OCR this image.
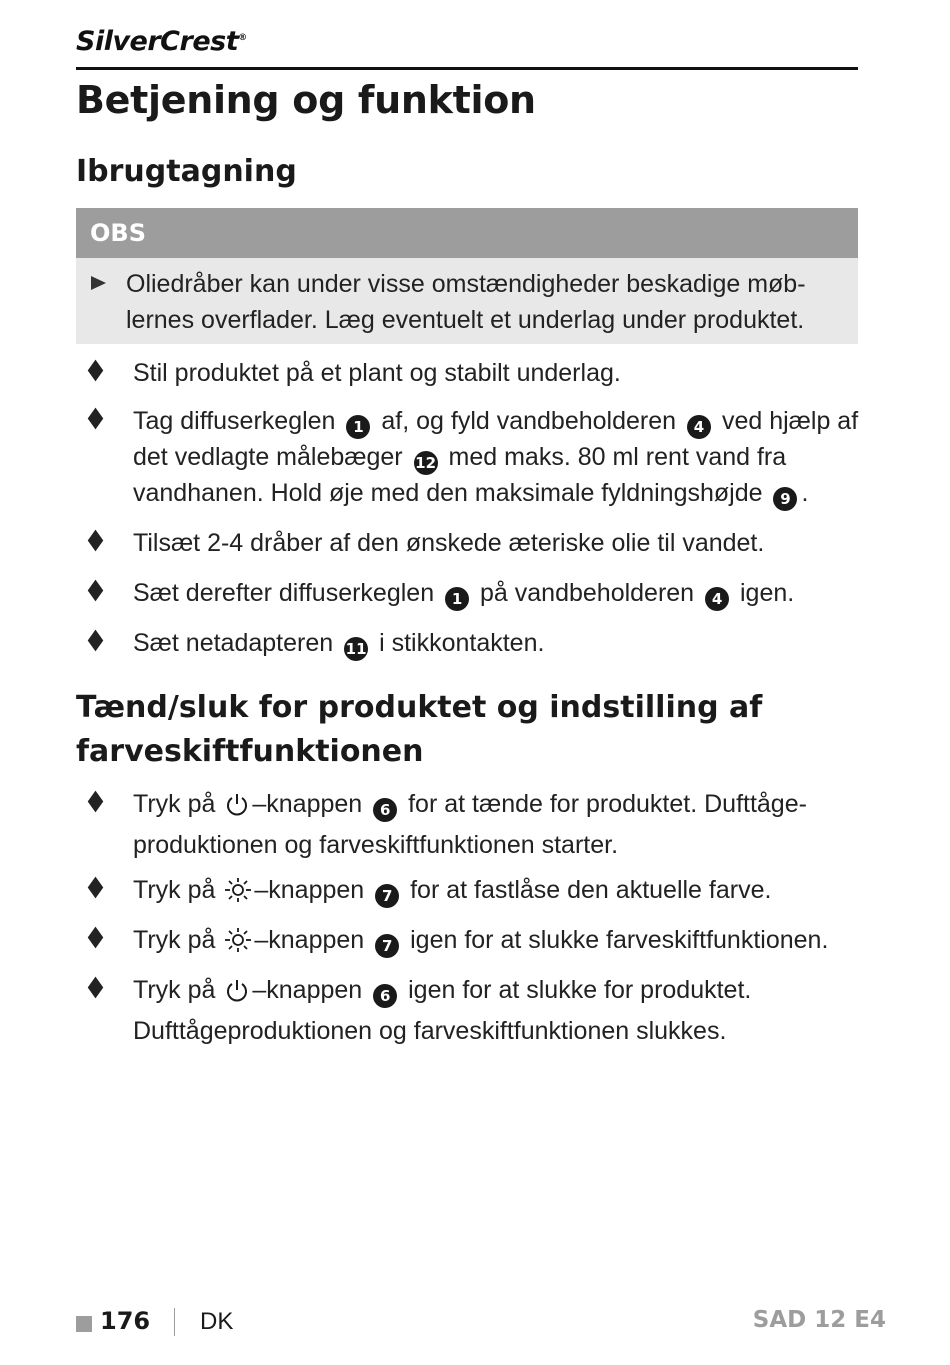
SilverCrest®
Betjening og funktion
Ibrugtagning
OBS
Oliedråber kan under visse omstændigheder beskadige møb-lernes overflader. Læg eventuelt et underlag under produktet.
Stil produktet på et plant og stabilt underlag.
Tag diffuserkeglen 1 af, og fyld vandbeholderen 4 ved hjælp af det vedlagte målebæger 12 med maks. 80 ml rent vand fra vandhanen. Hold øje med den maksimale fyldningshøjde 9 .
Tilsæt 2-4 dråber af den ønskede æteriske olie til vandet.
Sæt derefter diffuserkeglen 1 på vandbeholderen 4 igen.
Sæt netadapteren 11 i stikkontakten.
Tænd/sluk for produktet og indstilling af farveskiftfunktionen
Tryk på –knappen 6 for at tænde for produktet. Dufttåge-produktionen og farveskiftfunktionen starter.
Tryk på –knappen 7 for at fastlåse den aktuelle farve.
Tryk på –knappen 7 igen for at slukke farveskiftfunktionen.
Tryk på –knappen 6 igen for at slukke for produktet. Dufttågeproduktionen og farveskiftfunktionen slukkes.
176 DK	SAD 12 E4
